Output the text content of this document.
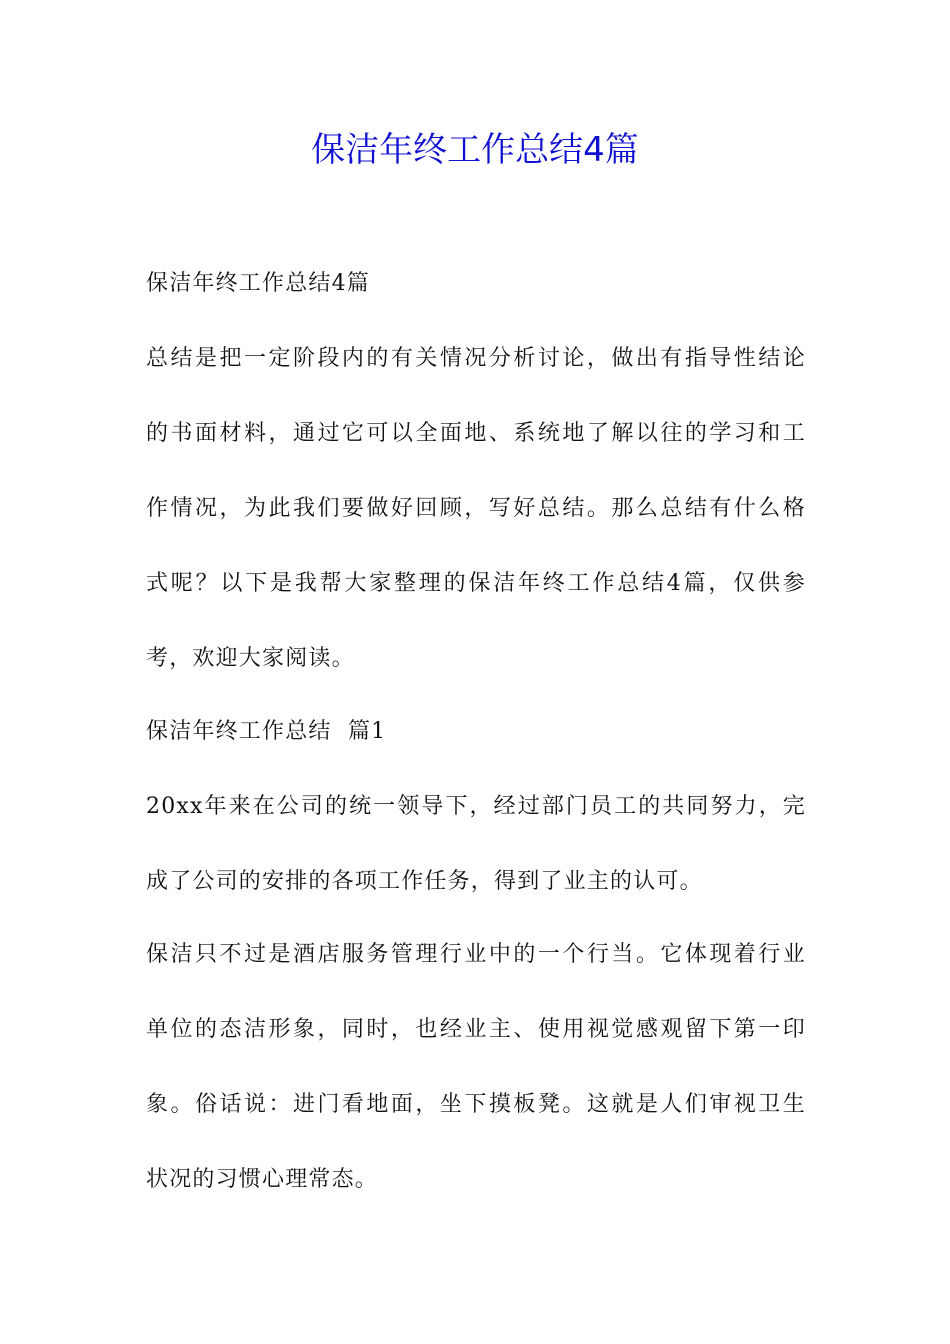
保洁年终工作总结4篇
保洁年终工作总结4篇
总结是把一定阶段内的有关情况分析讨论，做出有指导性结论
的书面材料，通过它可以全面地、系统地了解以往的学习和工
作情况，为此我们要做好回顾，写好总结。那么总结有什么格
式呢？以下是我帮大家整理的保洁年终工作总结4篇，仅供参
考，欢迎大家阅读。
保洁年终工作总结  篇1
20xx年来在公司的统一领导下，经过部门员工的共同努力，完
成了公司的安排的各项工作任务，得到了业主的认可。
保洁只不过是酒店服务管理行业中的一个行当。它体现着行业
单位的态洁形象，同时，也经业主、使用视觉感观留下第一印
象。俗话说：进门看地面，坐下摸板凳。这就是人们审视卫生
状况的习惯心理常态。
